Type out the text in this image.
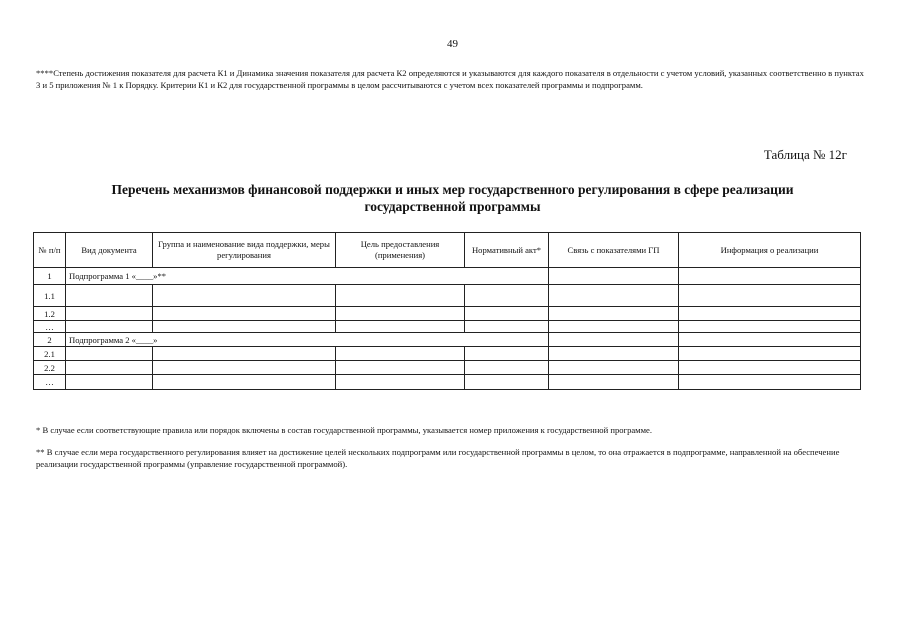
49
****Степень достижения показателя для расчета К1 и Динамика значения показателя для расчета К2 определяются и указываются для каждого показателя в отдельности с учетом условий, указанных соответственно в пунктах 3 и 5 приложения № 1 к Порядку. Критерии К1 и К2 для государственной программы в целом рассчитываются с учетом всех показателей программы и подпрограмм.
Таблица № 12г
Перечень механизмов финансовой поддержки и иных мер государственного регулирования в сфере реализации государственной программы
№ п/п	Вид документа	Группа и наименование вида поддержки, меры регулирования	Цель предоставления (применения)	Нормативный акт*	Связь с показателями ГП	Информация о реализации
1	Подпрограмма 1 «____»**					
1.1						
1.2						
…						
2	Подпрограмма 2 «____»					
2.1						
2.2						
…						

* В случае если соответствующие правила или порядок включены в состав государственной программы, указывается номер приложения к государственной программе.

** В случае если мера государственного регулирования влияет на достижение целей нескольких подпрограмм или государственной программы в целом, то она отражается в подпрограмме, направленной на обеспечение реализации государственной программы (управление государственной программой).
